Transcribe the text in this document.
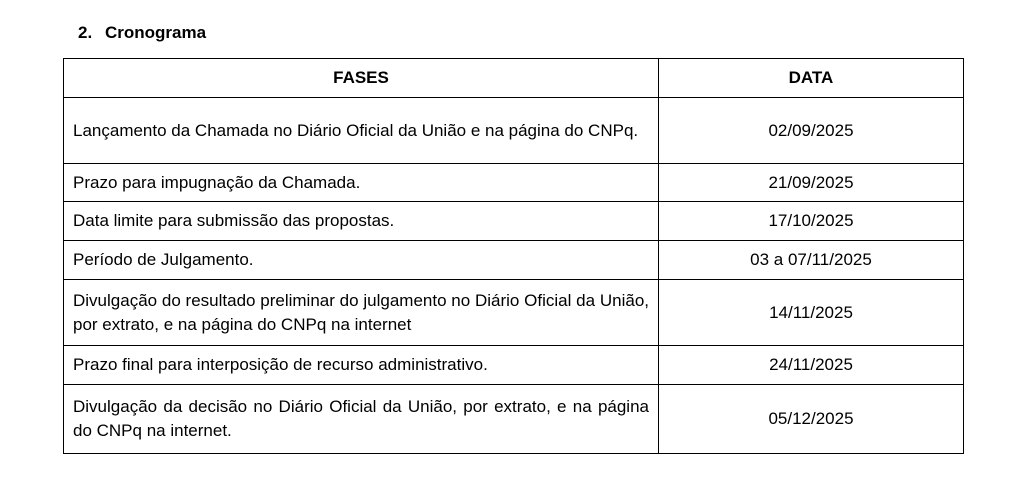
2. Cronograma
FASES	DATA
Lançamento da Chamada no Diário Oficial da União e na página do CNPq.	02/09/2025
Prazo para impugnação da Chamada.	21/09/2025
Data limite para submissão das propostas.	17/10/2025
Período de Julgamento.	03 a 07/11/2025
Divulgação do resultado preliminar do julgamento no Diário Oficial da União, por extrato, e na página do CNPq na internet	14/11/2025
Prazo final para interposição de recurso administrativo.	24/11/2025
Divulgação da decisão no Diário Oficial da União, por extrato, e na página do CNPq na internet.	05/12/2025
